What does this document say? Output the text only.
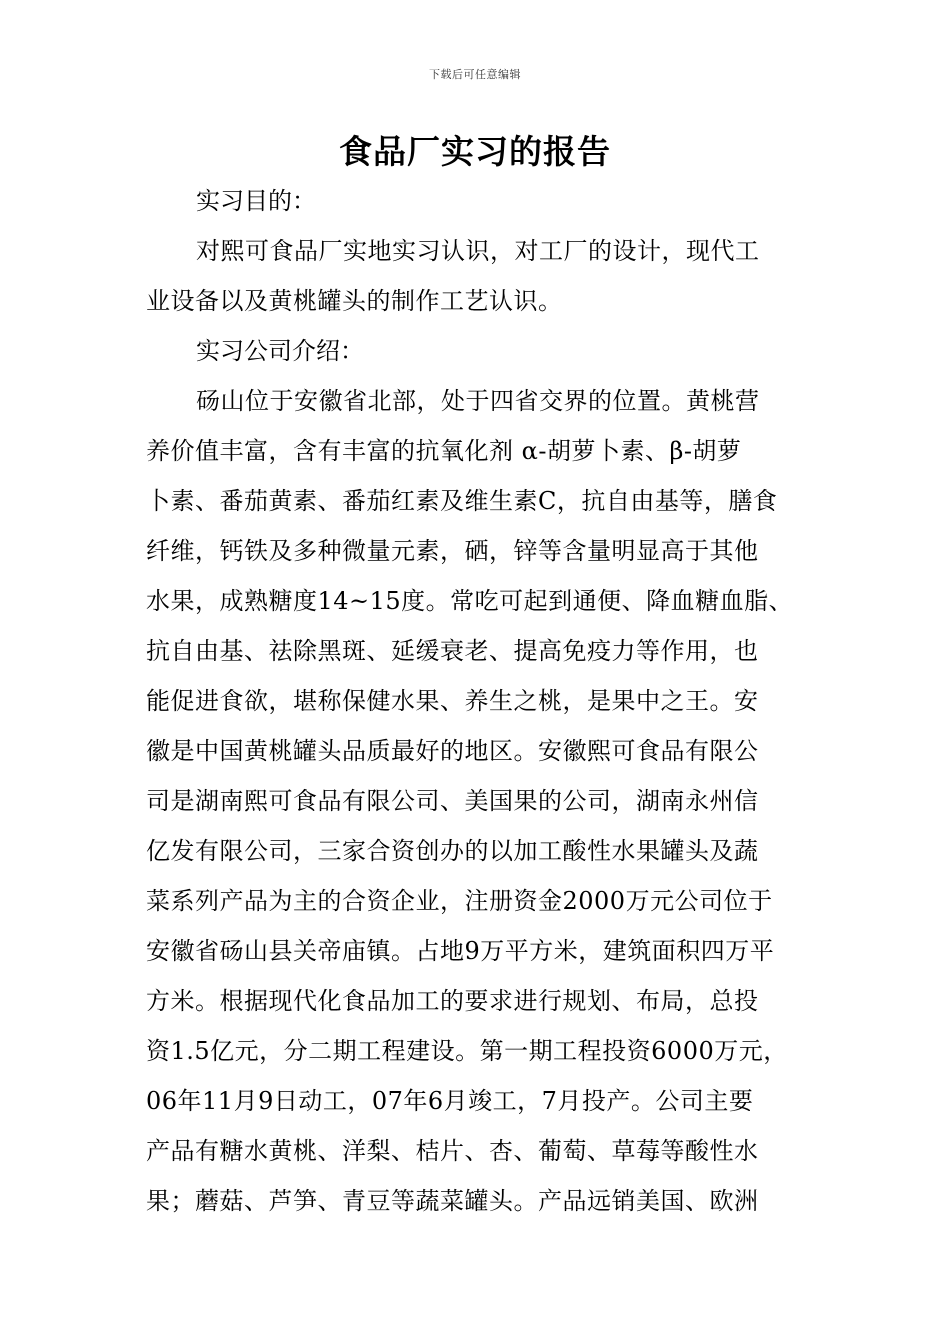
下载后可任意编辑
食品厂实习的报告

实习目的：

对熙可食品厂实地实习认识，对工厂的设计，现代工
业设备以及黄桃罐头的制作工艺认识。

实习公司介绍：

砀山位于安徽省北部，处于四省交界的位置。黄桃营
养价值丰富，含有丰富的抗氧化剂 α-胡萝卜素、β-胡萝
卜素、番茄黄素、番茄红素及维生素C，抗自由基等，膳食
纤维，钙铁及多种微量元素，硒，锌等含量明显高于其他
水果，成熟糖度14~15度。常吃可起到通便、降血糖血脂、
抗自由基、祛除黑斑、延缓衰老、提高免疫力等作用，也
能促进食欲，堪称保健水果、养生之桃，是果中之王。安
徽是中国黄桃罐头品质最好的地区。安徽熙可食品有限公
司是湖南熙可食品有限公司、美国果的公司，湖南永州信
亿发有限公司，三家合资创办的以加工酸性水果罐头及蔬
菜系列产品为主的合资企业，注册资金2000万元公司位于
安徽省砀山县关帝庙镇。占地9万平方米，建筑面积四万平
方米。根据现代化食品加工的要求进行规划、布局，总投
资1.5亿元，分二期工程建设。第一期工程投资6000万元，
06年11月9日动工，07年6月竣工，7月投产。公司主要
产品有糖水黄桃、洋梨、桔片、杏、葡萄、草莓等酸性水
果；蘑菇、芦笋、青豆等蔬菜罐头。产品远销美国、欧洲
